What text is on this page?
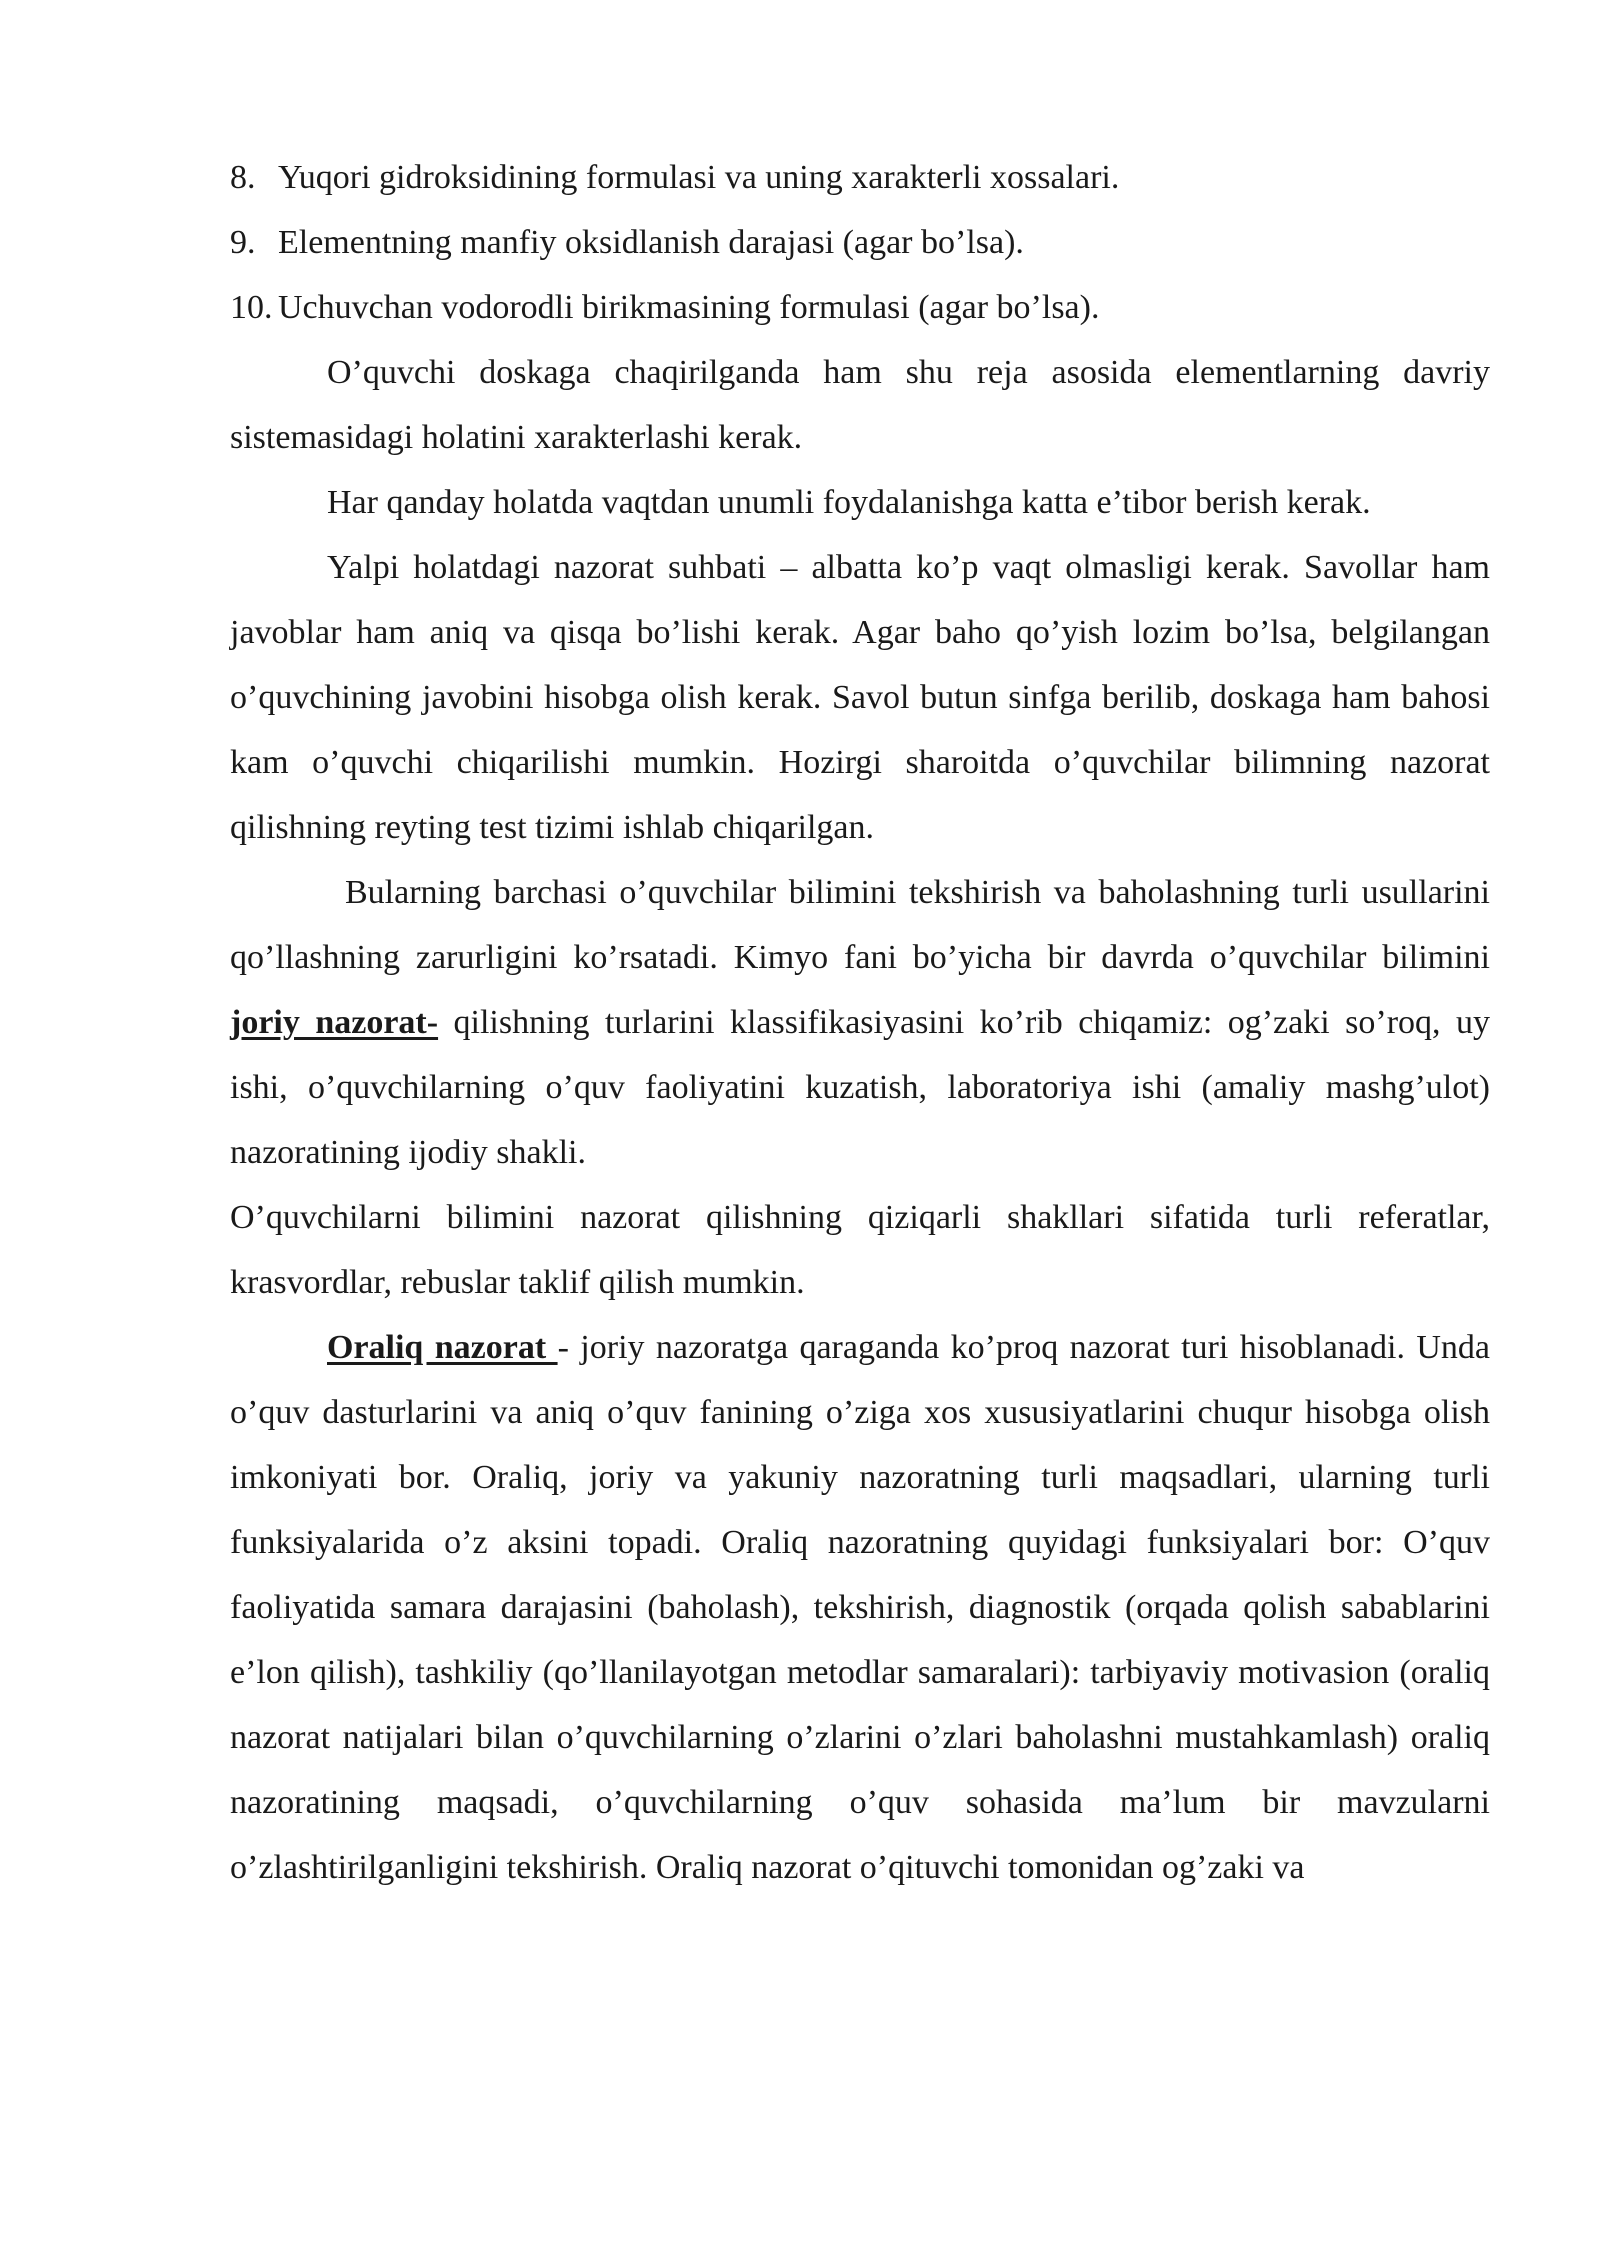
8. Yuqori gidroksidining formulasi va uning xarakterli xossalari.
9. Elementning manfiy oksidlanish darajasi (agar bo’lsa).
10. Uchuvchan vodorodli birikmasining formulasi (agar bo’lsa).

O’quvchi doskaga chaqirilganda ham shu reja asosida elementlarning davriy sistemasidagi holatini xarakterlashi kerak.

Har qanday holatda vaqtdan unumli foydalanishga katta e’tibor berish kerak.

Yalpi holatdagi nazorat suhbati – albatta ko’p vaqt olmasligi kerak. Savollar ham javoblar ham aniq va qisqa bo’lishi kerak. Agar baho qo’yish lozim bo’lsa, belgilangan o’quvchining javobini hisobga olish kerak. Savol butun sinfga berilib, doskaga ham bahosi kam o’quvchi chiqarilishi mumkin. Hozirgi sharoitda o’quvchilar bilimning nazorat qilishning reyting test tizimi ishlab chiqarilgan.

Bularning barchasi o’quvchilar bilimini tekshirish va baholashning turli usullarini qo’llashning zarurligini ko’rsatadi. Kimyo fani bo’yicha bir davrda o’quvchilar bilimini joriy nazorat- qilishning turlarini klassifikasiyasini ko’rib chiqamiz: og’zaki so’roq, uy ishi, o’quvchilarning o’quv faoliyatini kuzatish, laboratoriya ishi (amaliy mashg’ulot) nazoratining ijodiy shakli.

O’quvchilarni bilimini nazorat qilishning qiziqarli shakllari sifatida turli referatlar, krasvordlar, rebuslar taklif qilish mumkin.

Oraliq nazorat - joriy nazoratga qaraganda ko’proq nazorat turi hisoblanadi. Unda o’quv dasturlarini va aniq o’quv fanining o’ziga xos xususiyatlarini chuqur hisobga olish imkoniyati bor. Oraliq, joriy va yakuniy nazoratning turli maqsadlari, ularning turli funksiyalarida o’z aksini topadi. Oraliq nazoratning quyidagi funksiyalari bor: O’quv faoliyatida samara darajasini (baholash), tekshirish, diagnostik (orqada qolish sabablarini e’lon qilish), tashkiliy (qo’llanilayotgan metodlar samaralari): tarbiyaviy motivasion (oraliq nazorat natijalari bilan o’quvchilarning o’zlarini o’zlari baholashni mustahkamlash) oraliq nazoratining maqsadi, o’quvchilarning o’quv sohasida ma’lum bir mavzularni o’zlashtirilganligini tekshirish. Oraliq nazorat o’qituvchi tomonidan og’zaki va
